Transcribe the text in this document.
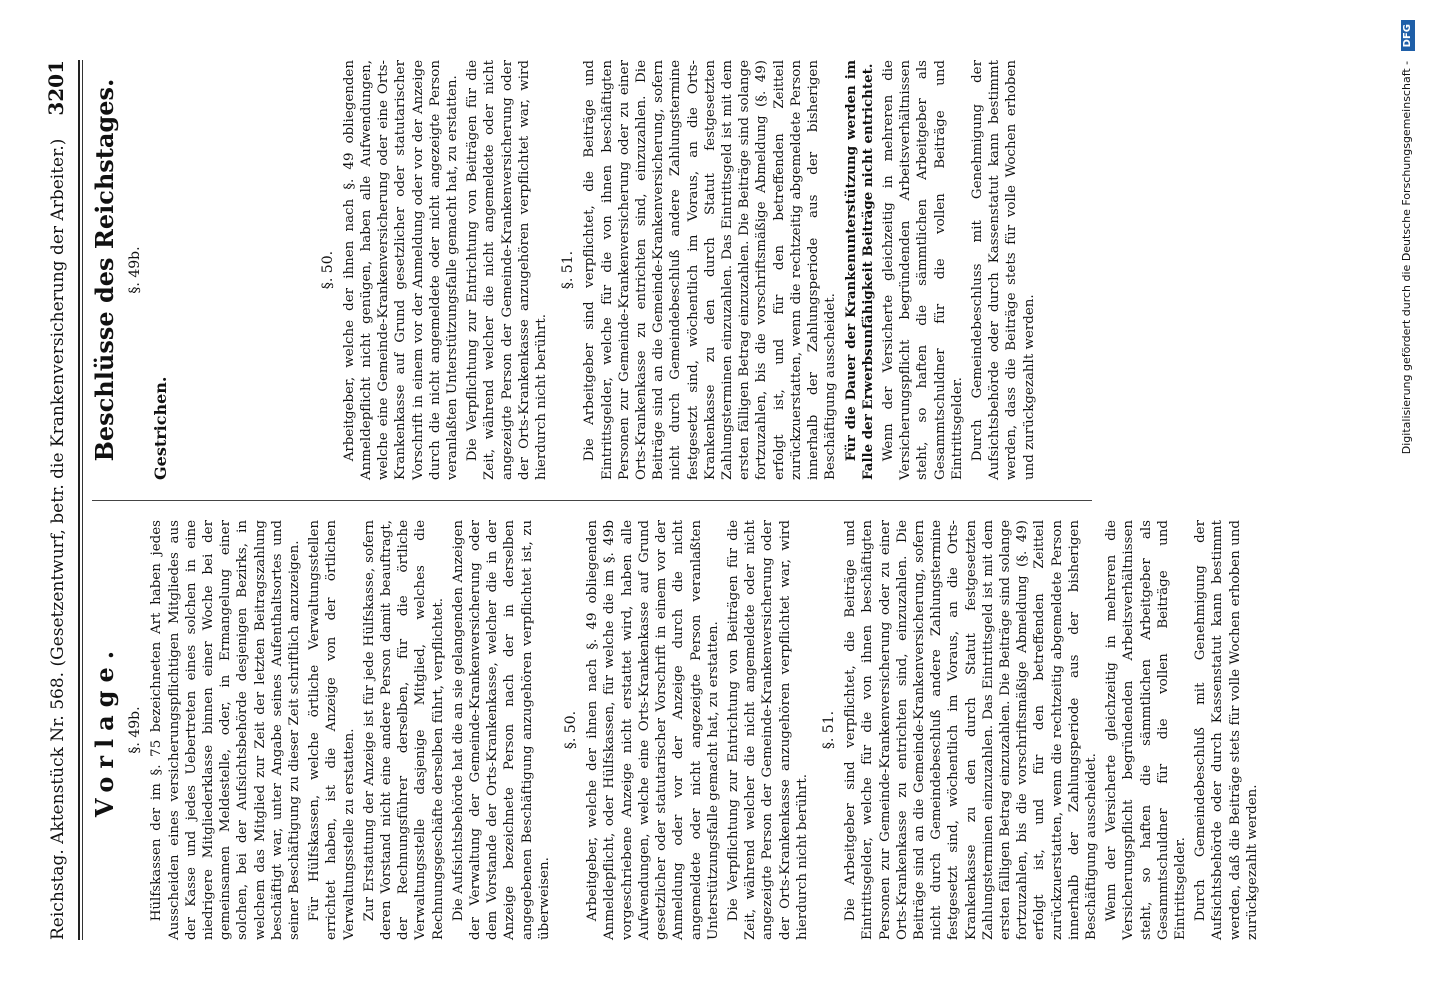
Reichstag. Aktenstück Nr. 568. (Gesetzentwurf, betr. die Krankenversicherung der Arbeiter.)
3201
Vorlage. §. 49b. Hülfskassen der im §. 75 bezeichneten Art haben jedes Ausscheiden eines versicherungspflichtigen Mitgliedes aus der Kasse und jedes Uebertreten eines solchen in eine niedrigere Mitgliederklasse binnen einer Woche bei der gemeinsamen Meldestelle, oder, in Ermangelung einer solchen, bei der Aufsichtsbehörde desjenigen Bezirks, in welchem das Mitglied zur Zeit der letzten Beitragszahlung beschäftigt war, unter Angabe seines Aufenthaltsortes und seiner Beschäftigung zu dieser Zeit schriftlich anzuzeigen. Für Hülfskassen, welche örtliche Verwaltungsstellen errichtet haben, ist die Anzeige von der örtlichen Verwaltungsstelle zu erstatten. Zur Erstattung der Anzeige ist für jede Hülfskasse, sofern deren Vorstand nicht eine andere Person damit beauftragt, der Rechnungsführer derselben, für die örtliche Verwaltungsstelle dasjenige Mitglied, welches die Rechnungsgeschäfte derselben führt, verpflichtet. Die Aufsichtsbehörde hat die an sie gelangenden Anzeigen der Verwaltung der Gemeinde-Krankenversicherung oder dem Vorstande der Orts-Krankenkasse, welcher die in der Anzeige bezeichnete Person nach der in derselben angegebenen Beschäftigung anzugehören verpflichtet ist, zu überweisen.

§. 50. Arbeitgeber, welche der ihnen nach §. 49 obliegenden Anmeldepflicht, oder Hülfskassen, für welche die im §. 49b vorgeschriebene Anzeige nicht erstattet wird, haben alle Aufwendungen, welche eine Orts-Krankenkasse auf Grund gesetzlicher oder statutarischer Vorschrift in einem vor der Anmeldung oder vor der Anzeige durch die nicht angemeldete oder nicht angezeigte Person veranlaßten Unterstützungsfalle gemacht hat, zu erstatten. Die Verpflichtung zur Entrichtung von Beiträgen für die Zeit, während welcher die nicht angemeldete oder nicht angezeigte Person der Gemeinde-Krankenversicherung oder der Orts-Krankenkasse anzugehören verpflichtet war, wird hierdurch nicht berührt.

§. 51. Die Arbeitgeber sind verpflichtet, die Beiträge und Eintrittsgelder, welche für die von ihnen beschäftigten Personen zur Gemeinde-Krankenversicherung oder zu einer Orts-Krankenkasse zu entrichten sind, einzuzahlen. Die Beiträge sind an die Gemeinde-Krankenversicherung, sofern nicht durch Gemeindebeschluß andere Zahlungstermine festgesetzt sind, wöchentlich im Voraus, an die Orts-Krankenkasse zu den durch Statut festgesetzten Zahlungsterminen einzuzahlen. Das Eintrittsgeld ist mit dem ersten fälligen Betrag einzuzahlen. Die Beiträge sind solange fortzuzahlen, bis die vorschriftsmäßige Abmeldung (§. 49) erfolgt ist, und für den betreffenden Zeitteil zurückzuerstatten, wenn die rechtzeitig abgemeldete Person innerhalb der Zahlungsperiode aus der bisherigen Beschäftigung ausscheidet. Wenn der Versicherte gleichzeitig in mehreren die Versicherungspflicht begründenden Arbeitsverhältnissen steht, so haften die sämmtlichen Arbeitgeber als Gesammtschuldner für die vollen Beiträge und Eintrittsgelder. Durch Gemeindebeschluß mit Genehmigung der Aufsichtsbehörde oder durch Kassenstatut kann bestimmt werden, daß die Beiträge stets für volle Wochen erhoben und zurückgezahlt werden.

Beschlüsse des Reichstages. §. 49b.

Gestrichen.

§. 50. Arbeitgeber, welche der ihnen nach §. 49 obliegenden Anmeldepflicht nicht genügen, haben alle Aufwendungen, welche eine Gemeinde-Krankenversicherung oder eine Orts-Krankenkasse auf Grund gesetzlicher oder statutarischer Vorschrift in einem vor der Anmeldung oder vor der Anzeige durch die nicht angemeldete oder nicht angezeigte Person veranlaßten Unterstützungsfalle gemacht hat, zu erstatten. Die Verpflichtung zur Entrichtung von Beiträgen für die Zeit, während welcher die nicht angemeldete oder nicht angezeigte Person der Gemeinde-Krankenversicherung oder der Orts-Krankenkasse anzugehören verpflichtet war, wird hierdurch nicht berührt.

§. 51. Die Arbeitgeber sind verpflichtet, die Beiträge und Eintrittsgelder, welche für die von ihnen beschäftigten Personen zur Gemeinde-Krankenversicherung oder zu einer Orts-Krankenkasse zu entrichten sind, einzuzahlen. Die Beiträge sind an die Gemeinde-Krankenversicherung, sofern nicht durch Gemeindebeschluß andere Zahlungstermine festgesetzt sind, wöchentlich im Voraus, an die Orts-Krankenkasse zu den durch Statut festgesetzten Zahlungsterminen einzuzahlen. Das Eintrittsgeld ist mit dem ersten fälligen Betrag einzuzahlen. Die Beiträge sind solange fortzuzahlen, bis die vorschriftsmäßige Abmeldung (§. 49) erfolgt ist, und für den betreffenden Zeitteil zurückzuerstatten, wenn die rechtzeitig abgemeldete Person innerhalb der Zahlungsperiode aus der bisherigen Beschäftigung ausscheidet. Für die Dauer der Krankenunterstützung werden im Falle der Erwerbsunfähigkeit Beiträge nicht entrichtet. Wenn der Versicherte gleichzeitig in mehreren die Versicherungspflicht begründenden Arbeitsverhältnissen steht, so haften die sämmtlichen Arbeitgeber als Gesammtschuldner für die vollen Beiträge und Eintrittsgelder. Durch Gemeindebeschluss mit Genehmigung der Aufsichtsbehörde oder durch Kassenstatut kann bestimmt werden, dass die Beiträge stets für volle Wochen erhoben und zurückgezahlt werden.	Digitalisierung gefördert durch die Deutsche Forschungsgemeinschaft - DFG
